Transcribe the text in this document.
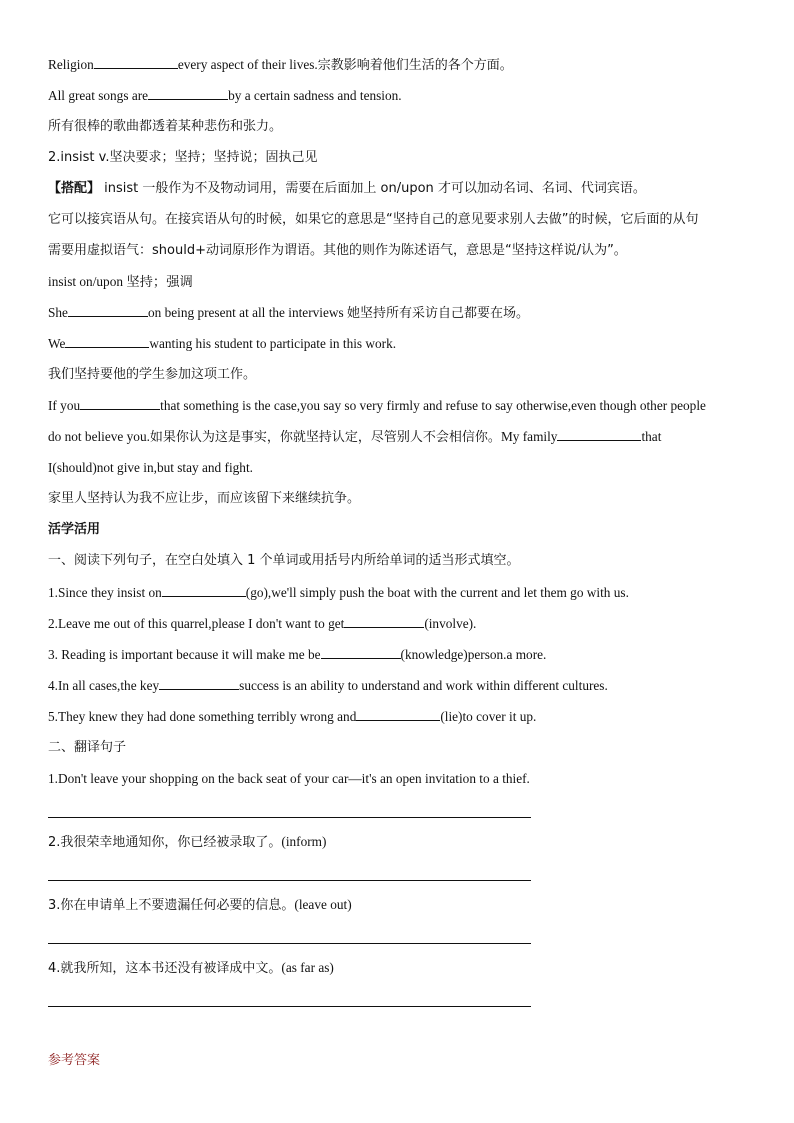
Religion	every aspect of their lives.宗教影响着他们生活的各个方面。

All great songs are	by a certain sadness and tension.

所有很棒的歌曲都透着某种悲伤和张力。

2.insist v.坚决要求；坚持；坚持说；固执己见

【搭配】 insist 一般作为不及物动词用，需要在后面加上 on/upon 才可以加动名词、名词、代词宾语。

它可以接宾语从句。在接宾语从句的时候，如果它的意思是“坚持自己的意见要求别人去做”的时候，它后面的从句

需要用虚拟语气：should+动词原形作为谓语。其他的则作为陈述语气，意思是“坚持这样说/认为”。

insist on/upon 坚持；强调

She	on being present at all the interviews 她坚持所有采访自己都要在场。

We	wanting his student to participate in this work.

我们坚持要他的学生参加这项工作。

If you	that something is the case,you say so very firmly and refuse to say otherwise,even though other people

do not believe you.如果你认为这是事实，你就坚持认定，尽管别人不会相信你。My family	that

I(should)not give in,but stay and fight.

家里人坚持认为我不应让步，而应该留下来继续抗争。

活学活用

一、阅读下列句子，在空白处填入 1 个单词或用括号内所给单词的适当形式填空。

1.Since they insist on	(go),we'll simply push the boat with the current and let them go with us.

2.Leave me out of this quarrel,please I don't want to get	(involve).

3. Reading is important because it will make me be	(knowledge)person.a more.

4.In all cases,the key	success is an ability to understand and work within different cultures.

5.They knew they had done something terribly wrong and	(lie)to cover it up.

二、翻译句子

1.Don't leave your shopping on the back seat of your car—it's an open invitation to a thief.

2.我很荣幸地通知你，你已经被录取了。(inform)

3.你在申请单上不要遗漏任何必要的信息。(leave out)

4.就我所知，这本书还没有被译成中文。(as far as)

参考答案
